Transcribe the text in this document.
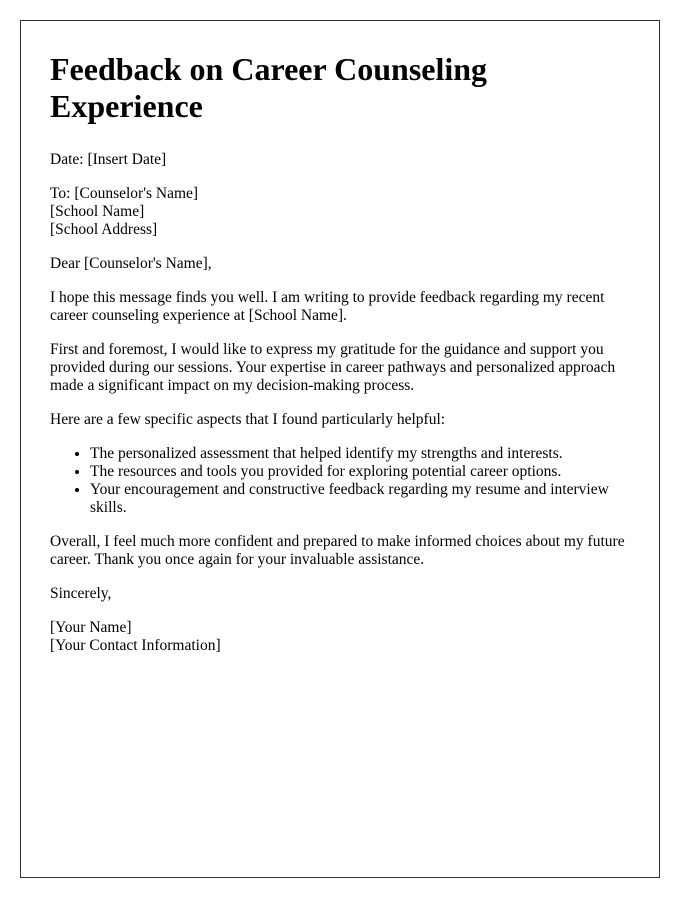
Feedback on Career Counseling Experience

Date: [Insert Date]

To: [Counselor's Name]
[School Name]
[School Address]

Dear [Counselor's Name],

I hope this message finds you well. I am writing to provide feedback regarding my recent career counseling experience at [School Name].

First and foremost, I would like to express my gratitude for the guidance and support you provided during our sessions. Your expertise in career pathways and personalized approach made a significant impact on my decision-making process.

Here are a few specific aspects that I found particularly helpful:

• The personalized assessment that helped identify my strengths and interests.
• The resources and tools you provided for exploring potential career options.
• Your encouragement and constructive feedback regarding my resume and interview skills.

Overall, I feel much more confident and prepared to make informed choices about my future career. Thank you once again for your invaluable assistance.

Sincerely,

[Your Name]
[Your Contact Information]
